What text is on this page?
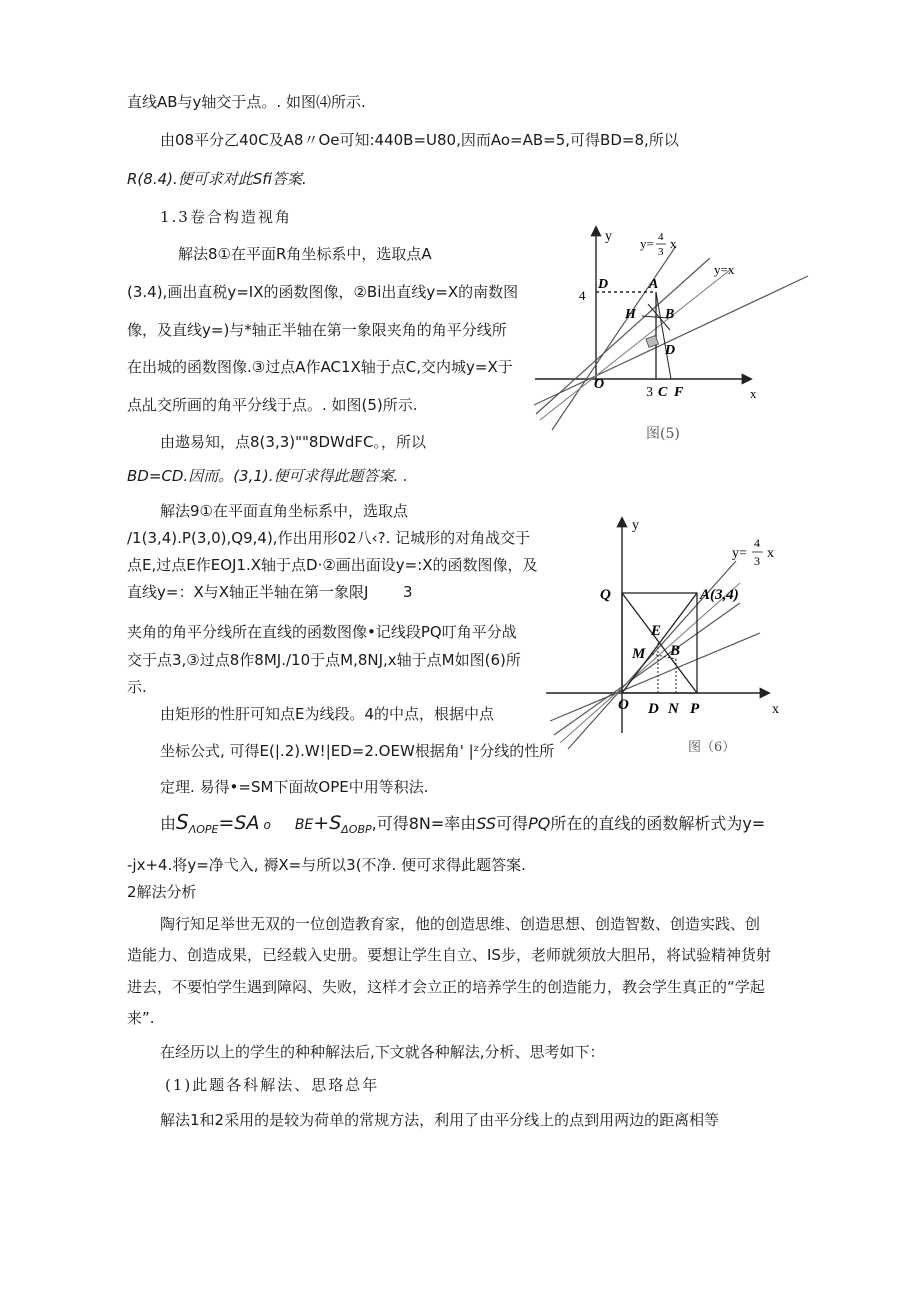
直线AB与y轴交于点。. 如图⑷所示.
由08平分乙40C及A8〃Oe可知:440B=U80,因而Ao=AB=5,可得BD=8,所以
R(8.4).便可求对此Sfi答案.
1.3卷合构造视角
解法8①在平面R角坐标系中，选取点A
(3.4),画出直税y=IX的函数图像，②Bi出直线y=X的南数图
像，及直线y=)与*轴正半轴在第一象限夹角的角平分线所
在出城的函数图像.③过点A作AC1X轴于点C,交内城y=X于
点乩交所画的角平分线于点。. 如图(5)所示.
由遨易知，点8(3,3)""8DWdFC。，所以
BD=CD.因而。(3,1).便可求得此题答案. .
解法9①在平面直角坐标系中，选取点
/1(3,4).P(3,0),Q9,4),作出用形02八‹?. 记城形的对角战交于
点E,过点E作EOJ1.X轴于点D·②画出面设y=:X的函数图像，及
直线y=：X与X轴正半轴在第一象限J 3
夹角的角平分线所在直线的函数图像•记线段PQ叮角平分战
交于点3,③过点8作8MJ./10于点M,8NJ,x轴于点M如图(6)所
示.
由矩形的性肝可知点E为线段。4的中点，根据中点
坐标公式, 可得E(|.2).W!|ED=2.OEW根据角' |﻿ᶻ分线的性所
定理. 易得•=SM下面故OPE中用等积法.
由$S_{\Lambda OPE}=SA$ o $BE+S_{\Delta OBP}$,可得8N=率由SS可得PQ所在的直线的函数解析式为y=
-jx+4.将y=净弋入, 褥X=与所以3(不净. 便可求得此题答案.
2解法分析
陶行知足举世无双的一位创造教育家，他的创造思维、创造思想、创造智数、创造实践、创
造能力、创造成果，已经载入史册。要想让学生自立、IS步，老师就须放大胆吊，将试验精神货射
进去，不要怕学生遇到障闷、失败，这样才会立正的培养学生的创造能力，教会学生真正的“学起
来”.
在经历以上的学生的种种解法后,下文就各种解法,分析、思考如下：
(1)此题各科解法、思珞总年
解法1和2采用的是较为荷单的常规方法，利用了由平分线上的点到用两边的距离相等
y y= 4
3
x
y=x
4
D	A
H B
D
O
3 C F	x
图(5)
y
y=
4
3 x
Q	A(3,4)
E
M B
O D N P	x
图（6）
